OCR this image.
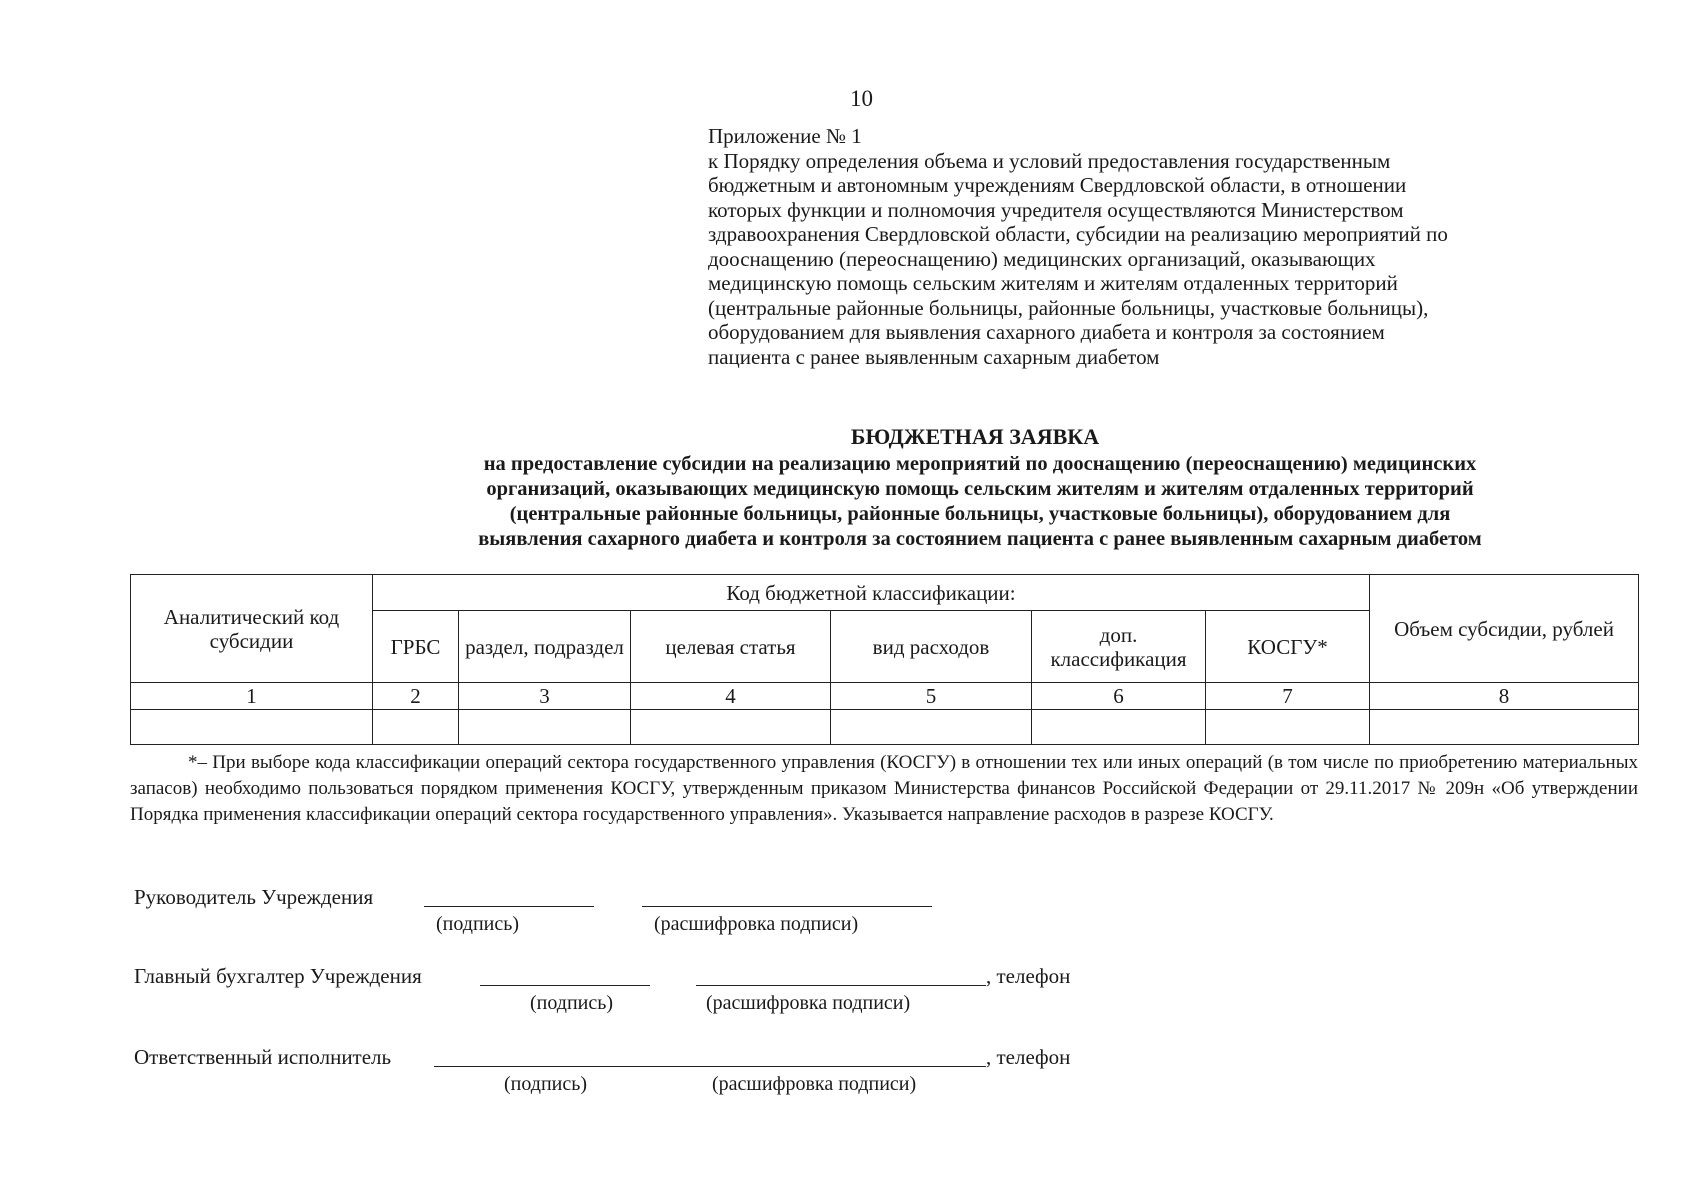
10
Приложение № 1
к Порядку определения объема и условий предоставления государственным
бюджетным и автономным учреждениям Свердловской области, в отношении
которых функции и полномочия учредителя осуществляются Министерством
здравоохранения Свердловской области, субсидии на реализацию мероприятий по
дооснащению (переоснащению) медицинских организаций, оказывающих
медицинскую помощь сельским жителям и жителям отдаленных территорий
(центральные районные больницы, районные больницы, участковые больницы),
оборудованием для выявления сахарного диабета и контроля за состоянием
пациента с ранее выявленным сахарным диабетом
БЮДЖЕТНАЯ ЗАЯВКА
на предоставление субсидии на реализацию мероприятий по дооснащению (переоснащению) медицинских
организаций, оказывающих медицинскую помощь сельским жителям и жителям отдаленных территорий
(центральные районные больницы, районные больницы, участковые больницы), оборудованием для
выявления сахарного диабета и контроля за состоянием пациента с ранее выявленным сахарным диабетом
Аналитический код субсидии	Код бюджетной классификации:						Объем субсидии, рублей
	ГРБС	раздел, подраздел	целевая статья	вид расходов	доп. классификация	КОСГУ*	
1	2	3	4	5	6	7	8

*– При выборе кода классификации операций сектора государственного управления (КОСГУ) в отношении тех или иных операций (в том числе по приобретению материальных запасов) необходимо пользоваться порядком применения КОСГУ, утвержденным приказом Министерства финансов Российской Федерации от 29.11.2017 № 209н «Об утверждении Порядка применения классификации операций сектора государственного управления». Указывается направление расходов в разрезе КОСГУ.
Руководитель Учреждения
(подпись)	(расшифровка подписи)
Главный бухгалтер Учреждения	, телефон
(подпись)	(расшифровка подписи)
Ответственный исполнитель	, телефон
(подпись)	(расшифровка подписи)
